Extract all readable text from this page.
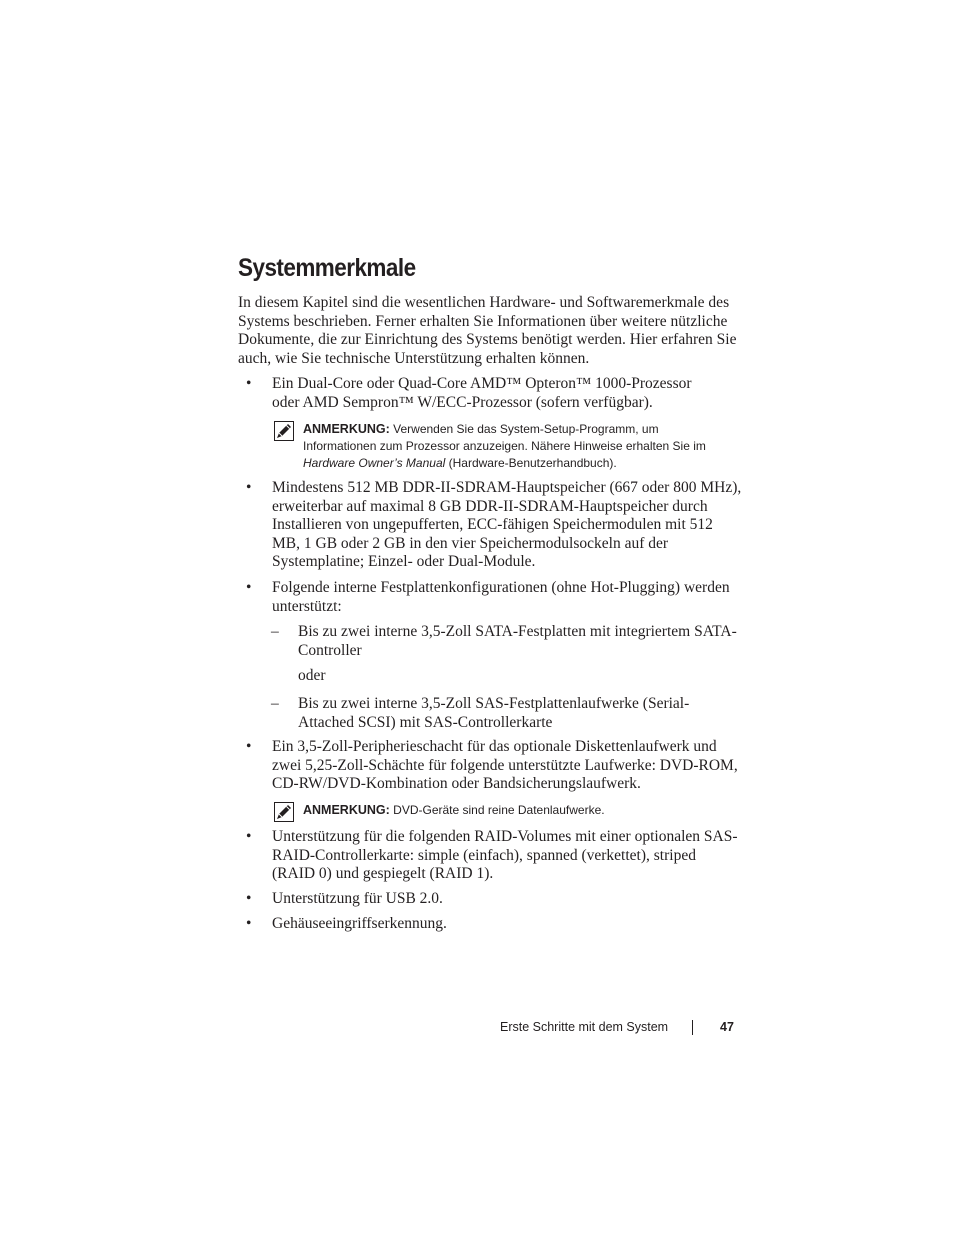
Systemmerkmale

In diesem Kapitel sind die wesentlichen Hardware- und Softwaremerkmale des Systems beschrieben. Ferner erhalten Sie Informationen über weitere nützliche Dokumente, die zur Einrichtung des Systems benötigt werden. Hier erfahren Sie auch, wie Sie technische Unterstützung erhalten können.

• Ein Dual-Core oder Quad-Core AMD™ Opteron™ 1000-Prozessor oder AMD Sempron™ W/ECC-Prozessor (sofern verfügbar).

ANMERKUNG: Verwenden Sie das System-Setup-Programm, um Informationen zum Prozessor anzuzeigen. Nähere Hinweise erhalten Sie im Hardware Owner’s Manual (Hardware-Benutzerhandbuch).

• Mindestens 512 MB DDR-II-SDRAM-Hauptspeicher (667 oder 800 MHz), erweiterbar auf maximal 8 GB DDR-II-SDRAM-Hauptspeicher durch Installieren von ungepufferten, ECC-fähigen Speichermodulen mit 512 MB, 1 GB oder 2 GB in den vier Speichermodulsockeln auf der Systemplatine; Einzel- oder Dual-Module.

• Folgende interne Festplattenkonfigurationen (ohne Hot-Plugging) werden unterstützt:

– Bis zu zwei interne 3,5-Zoll SATA-Festplatten mit integriertem SATA-Controller

oder

– Bis zu zwei interne 3,5-Zoll SAS-Festplattenlaufwerke (Serial-Attached SCSI) mit SAS-Controllerkarte

• Ein 3,5-Zoll-Peripherieschacht für das optionale Diskettenlaufwerk und zwei 5,25-Zoll-Schächte für folgende unterstützte Laufwerke: DVD-ROM, CD-RW/DVD-Kombination oder Bandsicherungslaufwerk.

ANMERKUNG: DVD-Geräte sind reine Datenlaufwerke.

• Unterstützung für die folgenden RAID-Volumes mit einer optionalen SAS-RAID-Controllerkarte: simple (einfach), spanned (verkettet), striped (RAID 0) und gespiegelt (RAID 1).

• Unterstützung für USB 2.0.

• Gehäuseeingriffserkennung.

Erste Schritte mit dem System	47
